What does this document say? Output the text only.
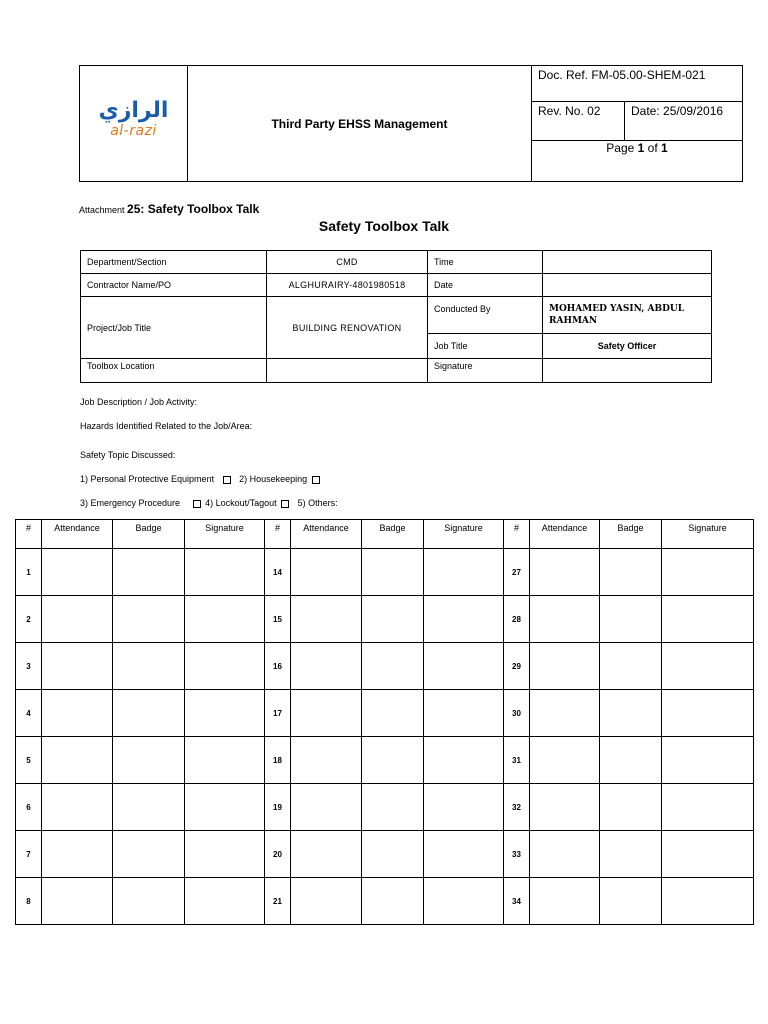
الرازي
al-razi	Third Party EHSS Management	Doc. Ref. FM-05.00-SHEM-021	
		Rev. No. 02	Date: 25/09/2016
		Page 1 of 1	
Attachment 25: Safety Toolbox Talk
Safety Toolbox Talk
Department/Section	CMD	Time	
Contractor Name/PO	ALGHURAIRY-4801980518	Date	
Project/Job Title	BUILDING RENOVATION	Conducted By	MOHAMED YASIN, ABDUL RAHMAN
		Job Title	Safety Officer
Toolbox Location		Signature	
Job Description / Job Activity:
Hazards Identified Related to the Job/Area:
Safety Topic Discussed:
1) Personal Protective Equipment	2) Housekeeping
3) Emergency Procedure	4) Lockout/Tagout 5) Others:
#	Attendance	Badge	Signature	#	Attendance	Badge	Signature	#	Attendance	Badge	Signature
1				14				27			
2				15				28			
3				16				29			
4				17				30			
5				18				31			
6				19				32			
7				20				33			
8				21				34			
